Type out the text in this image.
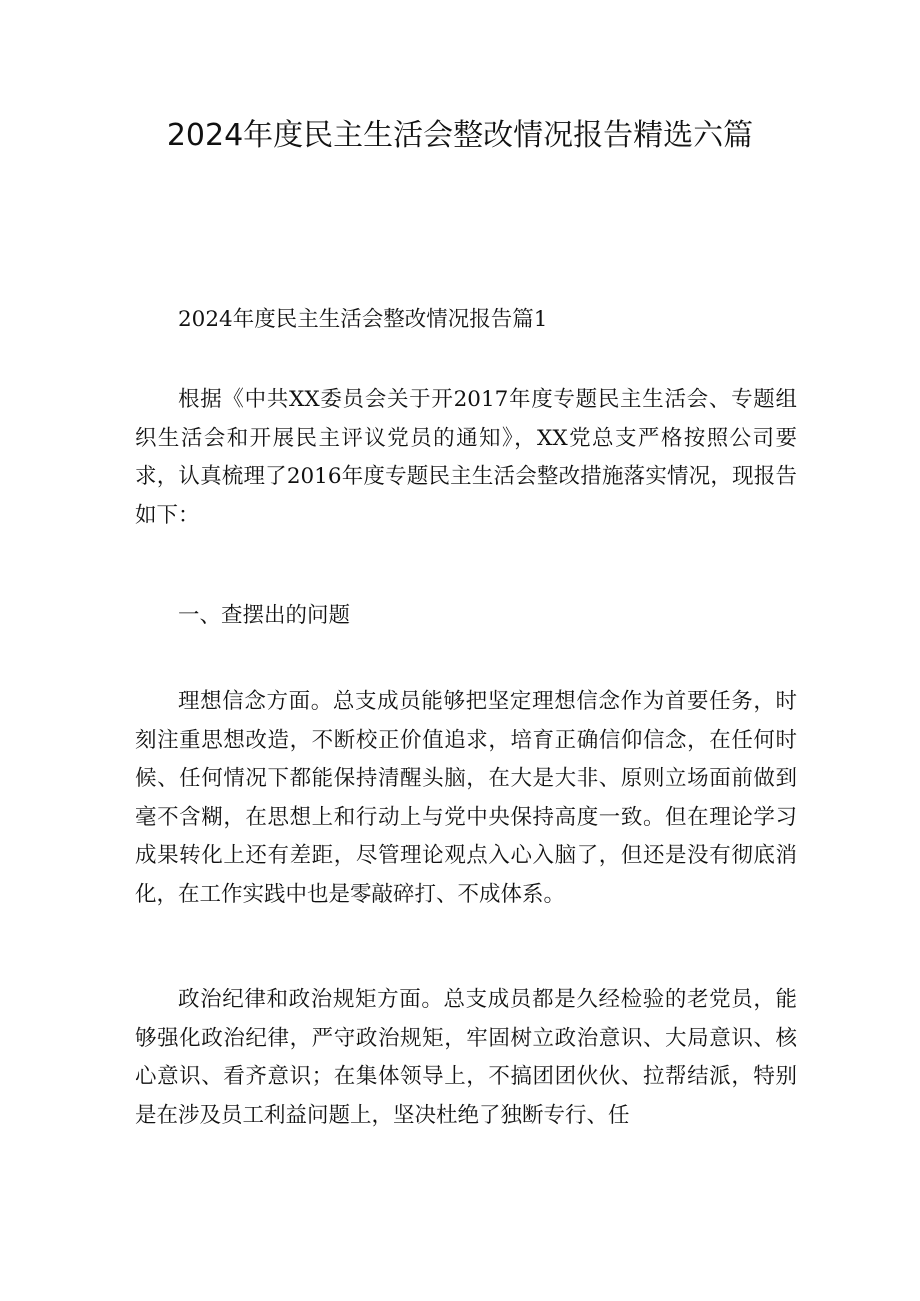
2024年度民主生活会整改情况报告精选六篇

2024年度民主生活会整改情况报告篇1

根据《中共XX委员会关于开2017年度专题民主生活会、专题组织生活会和开展民主评议党员的通知》，XX党总支严格按照公司要求，认真梳理了2016年度专题民主生活会整改措施落实情况，现报告如下：

一、查摆出的问题

理想信念方面。总支成员能够把坚定理想信念作为首要任务，时刻注重思想改造，不断校正价值追求，培育正确信仰信念，在任何时候、任何情况下都能保持清醒头脑，在大是大非、原则立场面前做到毫不含糊，在思想上和行动上与党中央保持高度一致。但在理论学习成果转化上还有差距，尽管理论观点入心入脑了，但还是没有彻底消化，在工作实践中也是零敲碎打、不成体系。

政治纪律和政治规矩方面。总支成员都是久经检验的老党员，能够强化政治纪律，严守政治规矩，牢固树立政治意识、大局意识、核心意识、看齐意识；在集体领导上，不搞团团伙伙、拉帮结派，特别是在涉及员工利益问题上，坚决杜绝了独断专行、任
